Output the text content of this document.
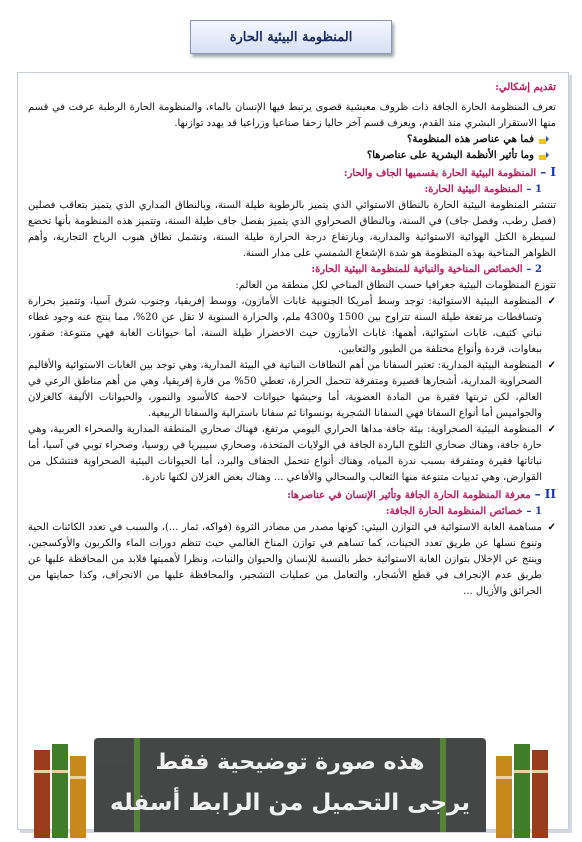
المنظومة البيئية الحارة

تقديم إشكالي:

تعرف المنظومة الحارة الجافة ذات ظروف معيشية قصوى يرتبط فيها الإنسان بالماء، والمنظومة الحارة الرطبة عرفت في قسم منها الاستقرار البشري منذ القدم، ويعرف قسم آخر حاليا زحفا صناعيا وزراعيا قد يهدد توازنها.

فما هي عناصر هذه المنظومة؟
وما تأثير الأنظمة البشرية على عناصرها؟

I –المنظومة البيئية الحارة بقسميها الجاف والحار:

1 –المنظومة البيئية الحارة:

تنتشر المنظومة البيئية الحارة بالنطاق الاستوائي الذي يتميز بالرطوبة طيلة السنة، وبالنطاق المداري الذي يتميز بتعاقب فصلين (فصل رطب، وفصل جاف) في السنة، وبالنطاق الصحراوي الذي يتميز بفصل جاف طيلة السنة، وتتميز هذه المنظومة بأنها تخضع لسيطرة الكتل الهوائية الاستوائية والمدارية، وبارتفاع درجة الحرارة طيلة السنة، وتشمل نطاق هبوب الرياح التجارية، وأهم الظواهر المناخية بهذه المنظومة هو شدة الإشعاع الشمسي على مدار السنة.

2 –الخصائص المناخية والنباتية للمنظومة البيئية الحارة:

تتوزع المنظومات البيئية جغرافيا حسب النطاق المناخي لكل منطقة من العالم:

✓
المنظومة البيئية الاستوائية: توجد وسط أمريكا الجنوبية غابات الأمازون، ووسط إفريقيا، وجنوب شرق آسيا، وتتميز بحرارة وتساقطات مرتفعة طيلة السنة تتراوح بين 1500 و4300 ملم، والحرارة السنوية لا تقل عن 20%، مما ينتج عنه وجود غطاء نباتي كثيف، غابات استوائية، أهمها: غابات الأمازون حيث الاخضرار طيلة السنة، أما حيوانات الغابة فهي متنوعة: صقور، ببغاوات، قردة وأنواع مختلفة من الطيور والثعابين.
✓
المنظومة البيئية المدارية: تعتبر السفانا من أهم النطاقات النباتية في البيئة المدارية، وهي توجد بين الغابات الاستوائية والأقاليم الصحراوية المدارية، أشجارها قصيرة ومتفرقة تتحمل الحرارة، تغطي 50% من قارة إفريقيا، وهي من أهم مناطق الرعي في العالم، لكن تربتها فقيرة من المادة العضوية، أما وحيشها حيوانات لاحمة كالأسود والنمور، والحيوانات الأليفة كالغزلان والجواميس أما أنواع السفانا فهي السفانا الشجرية بونسوانا ثم سفانا باسترالية والسفانا الربيعية.
✓
المنظومة البيئية الصحراوية: بيئة جافة مداها الحراري اليومي مرتفع، فهناك صحاري المنطقة المدارية والصحراء العربية، وهي حارة جافة، وهناك صحاري الثلوج الباردة الجافة في الولايات المتحدة، وصحاري سيبيريا في روسيا، وصحراء توبي في آسيا، أما نباتاتها فقيرة ومتفرقة بسبب ندرة المياه، وهناك أنواع تتحمل الجفاف والبرد، أما الحيوانات البيئية الصحراوية فتتشكل من القوارض، وهي ثدييات متنوعة منها الثعالب والسحالي والأفاعي ... وهناك بعض الغزلان لكنها نادرة.

II –معرفة المنظومة الحارة الجافة وتأثير الإنسان في عناصرها:

1 –خصائص المنظومة الحارة الجافة:

✓
مساهمة الغابة الاستوائية في التوازن البيئي: كونها مصدر من مصادر الثروة (فواكه، ثمار ...)، والسبب في تعدد الكائنات الحية وتنوع نسلها عن طريق تعدد الجينات، كما تساهم في توازن المناخ العالمي حيث تنظم دورات الماء والكربون والأوكسجين، وينتج عن الإخلال بتوازن الغابة الاستوائية خطر بالنسبة للإنسان والحيوان والنبات، ونظرا لأهميتها فلابد من المحافظة عليها عن طريق عدم الإنجراف في قطع الأشجار، والتعامل من عمليات التشجير، والمحافظة عليها من الانجراف، وكذا حمايتها من الحرائق والأزيال ...
هذه صورة توضيحية فقط
يرجى التحميل من الرابط أسفله
